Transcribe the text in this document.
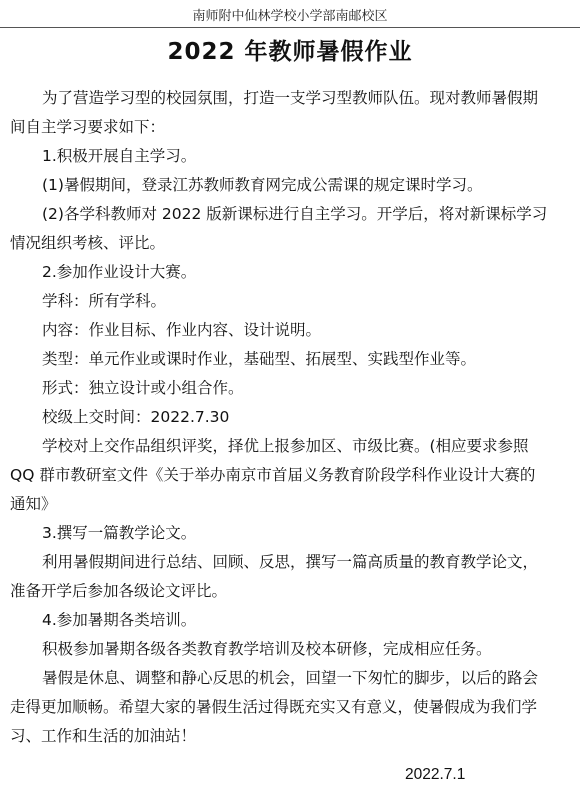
南师附中仙林学校小学部南邮校区
2022 年教师暑假作业

为了营造学习型的校园氛围，打造一支学习型教师队伍。现对教师暑假期间自主学习要求如下：

1.积极开展自主学习。

(1)暑假期间，登录江苏教师教育网完成公需课的规定课时学习。

(2)各学科教师对 2022 版新课标进行自主学习。开学后，将对新课标学习情况组织考核、评比。

2.参加作业设计大赛。

学科：所有学科。

内容：作业目标、作业内容、设计说明。

类型：单元作业或课时作业，基础型、拓展型、实践型作业等。

形式：独立设计或小组合作。

校级上交时间：2022.7.30

学校对上交作品组织评奖，择优上报参加区、市级比赛。(相应要求参照 QQ 群市教研室文件《关于举办南京市首届义务教育阶段学科作业设计大赛的通知》

3.撰写一篇教学论文。

利用暑假期间进行总结、回顾、反思，撰写一篇高质量的教育教学论文，准备开学后参加各级论文评比。

4.参加暑期各类培训。

积极参加暑期各级各类教育教学培训及校本研修，完成相应任务。

暑假是休息、调整和静心反思的机会，回望一下匆忙的脚步，以后的路会走得更加顺畅。希望大家的暑假生活过得既充实又有意义，使暑假成为我们学习、工作和生活的加油站！

2022.7.1
